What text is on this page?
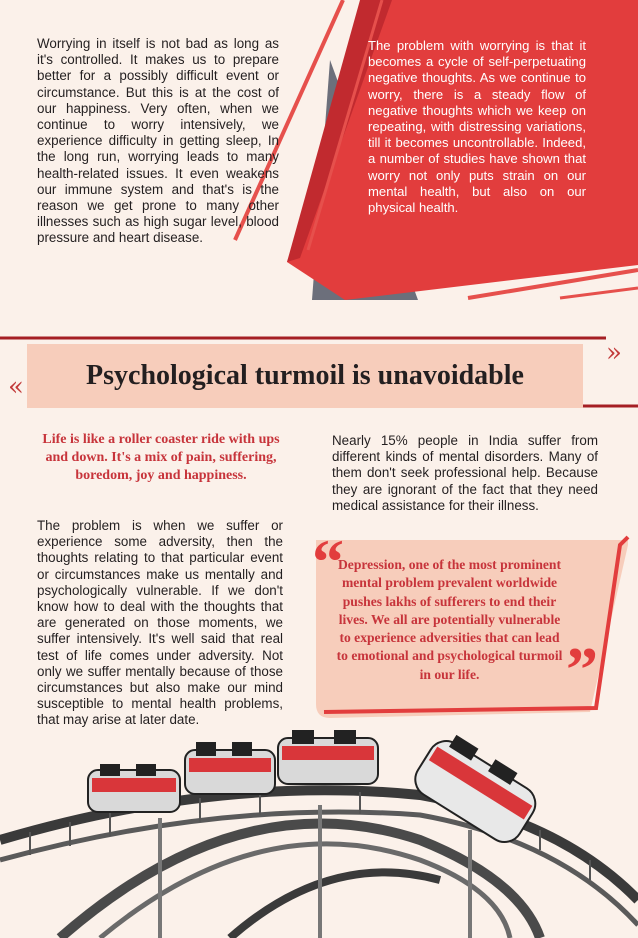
Worrying in itself is not bad as long as it's controlled. It makes us to prepare better for a possibly difficult event or circumstance. But this is at the cost of our happiness. Very often, when we continue to worry intensively, we experience difficulty in getting sleep, In the long run, worrying leads to many health-related issues. It even weakens our immune system and that's is the reason we get prone to many other illnesses such as high sugar level, blood pressure and heart disease.

The problem with worrying is that it becomes a cycle of self-perpetuating negative thoughts. As we continue to worry, there is a steady flow of negative thoughts which we keep on repeating, with distressing variations, till it becomes uncontrollable. Indeed, a number of studies have shown that worry not only puts strain on our mental health, but also on our physical health.

Psychological turmoil is unavoidable
«
»

Life is like a roller coaster ride with ups and down. It's a mix of pain, suffering, boredom, joy and happiness.

The problem is when we suffer or experience some adversity, then the thoughts relating to that particular event or circumstances make us mentally and psychologically vulnerable. If we don't know how to deal with the thoughts that are generated on those moments, we suffer intensively. It's well said that real test of life comes under adversity. Not only we suffer mentally because of those circumstances but also make our mind susceptible to mental health problems, that may arise at later date.

Nearly 15% people in India suffer from different kinds of mental disorders. Many of them don't seek professional help. Because they are ignorant of the fact that they need medical assistance for their illness.

“

Depression, one of the most prominent mental problem prevalent worldwide pushes lakhs of sufferers to end their lives. We all are potentially vulnerable to experience adversities that can lead to emotional and psychological turmoil in our life.	”
